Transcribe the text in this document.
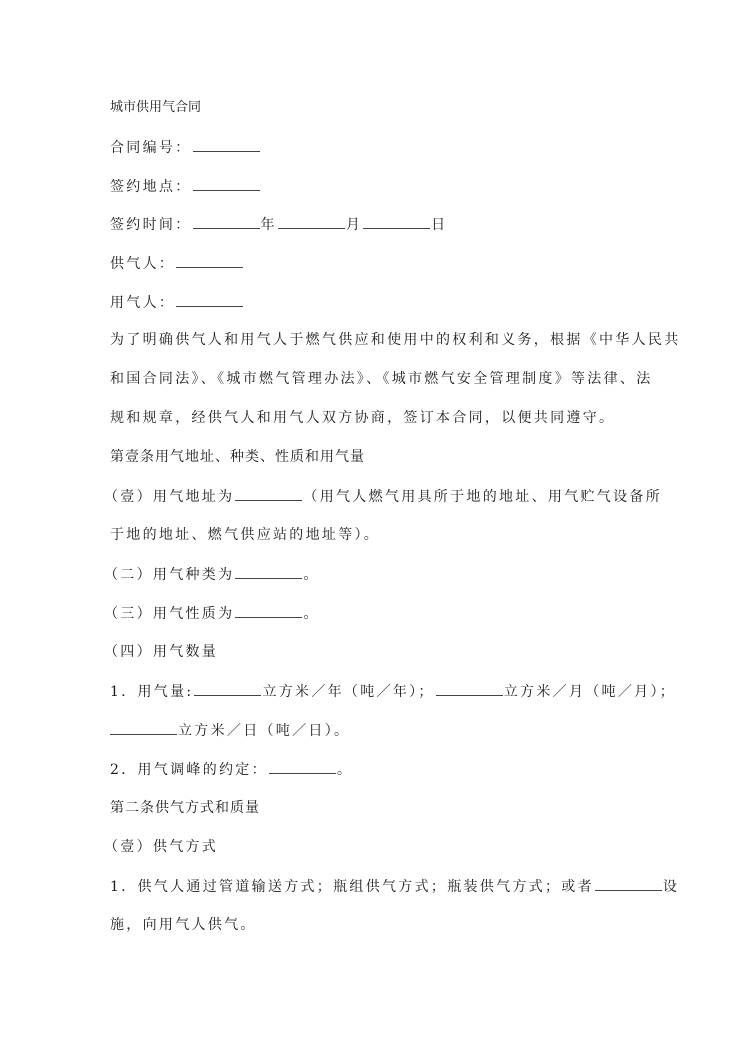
城市供用气合同
合同编号：
签约地点：
签约时间：	年	月	日
供气人：
用气人：
为了明确供气人和用气人于燃气供应和使用中的权利和义务，根据《中华人民共
和国合同法》、《城市燃气管理办法》、《城市燃气安全管理制度》等法律、法
规和规章，经供气人和用气人双方协商，签订本合同，以便共同遵守。
第壹条用气地址、种类、性质和用气量
（壹）用气地址为	（用气人燃气用具所于地的地址、用气贮气设备所
于地的地址、燃气供应站的地址等）。
（二）用气种类为	。
（三）用气性质为	。
（四）用气数量
1．用气量:	立方米／年（吨／年）；	立方米／月（吨／月）；
立方米／日（吨／日）。
2．用气调峰的约定：	。
第二条供气方式和质量
（壹）供气方式
1．供气人通过管道输送方式；瓶组供气方式；瓶装供气方式；或者	设
施，向用气人供气。
